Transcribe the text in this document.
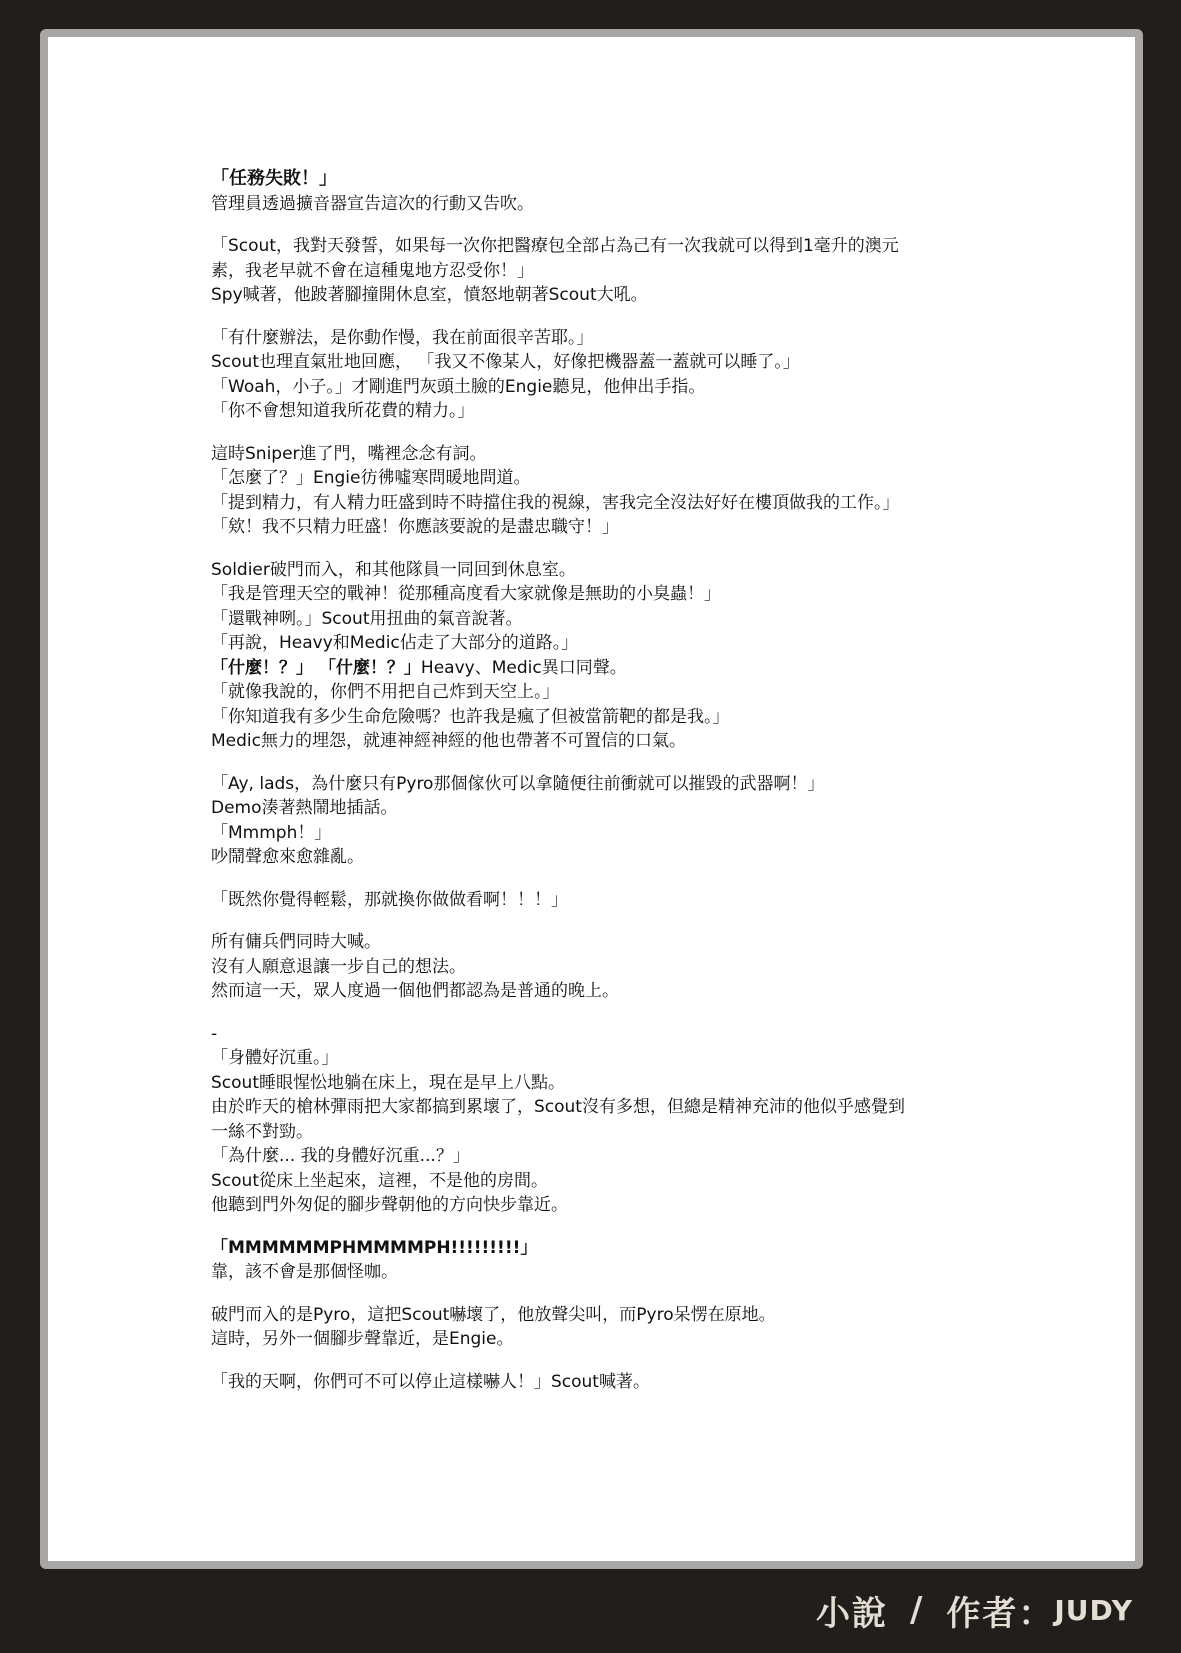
「任務失敗！」
管理員透過擴音器宣告這次的行動又告吹。

「Scout，我對天發誓，如果每一次你把醫療包全部占為己有一次我就可以得到1毫升的澳元
素，我老早就不會在這種鬼地方忍受你！」
Spy喊著，他跛著腳撞開休息室，憤怒地朝著Scout大吼。

「有什麼辦法，是你動作慢，我在前面很辛苦耶。」
Scout也理直氣壯地回應， 「我又不像某人，好像把機器蓋一蓋就可以睡了。」
「Woah，小子。」才剛進門灰頭土臉的Engie聽見，他伸出手指。
「你不會想知道我所花費的精力。」

這時Sniper進了門，嘴裡念念有詞。
「怎麼了？」Engie彷彿噓寒問暖地問道。
「提到精力，有人精力旺盛到時不時擋住我的視線，害我完全沒法好好在樓頂做我的工作。」
「欸！我不只精力旺盛！你應該要說的是盡忠職守！」

Soldier破門而入，和其他隊員一同回到休息室。
「我是管理天空的戰神！從那種高度看大家就像是無助的小臭蟲！」
「還戰神咧。」Scout用扭曲的氣音說著。
「再說，Heavy和Medic佔走了大部分的道路。」
「什麼！？」 「什麼！？」Heavy、Medic異口同聲。
「就像我說的，你們不用把自己炸到天空上。」
「你知道我有多少生命危險嗎？也許我是瘋了但被當箭靶的都是我。」
Medic無力的埋怨，就連神經神經的他也帶著不可置信的口氣。

「Ay, lads，為什麼只有Pyro那個傢伙可以拿隨便往前衝就可以摧毀的武器啊！」
Demo湊著熱鬧地插話。
「Mmmph！」
吵鬧聲愈來愈雜亂。

「既然你覺得輕鬆，那就換你做做看啊！！！」

所有傭兵們同時大喊。
沒有人願意退讓一步自己的想法。
然而這一天，眾人度過一個他們都認為是普通的晚上。

-
「身體好沉重。」
Scout睡眼惺忪地躺在床上，現在是早上八點。
由於昨天的槍林彈雨把大家都搞到累壞了，Scout沒有多想，但總是精神充沛的他似乎感覺到
一絲不對勁。
「為什麼... 我的身體好沉重...？」
Scout從床上坐起來，這裡，不是他的房間。
他聽到門外匆促的腳步聲朝他的方向快步靠近。

「MMMMMMPHMMMMPH!!!!!!!!!」
靠，該不會是那個怪咖。

破門而入的是Pyro，這把Scout嚇壞了，他放聲尖叫，而Pyro呆愣在原地。
這時，另外一個腳步聲靠近，是Engie。

「我的天啊，你們可不可以停止這樣嚇人！」Scout喊著。

小說 / 作者： JUDY
